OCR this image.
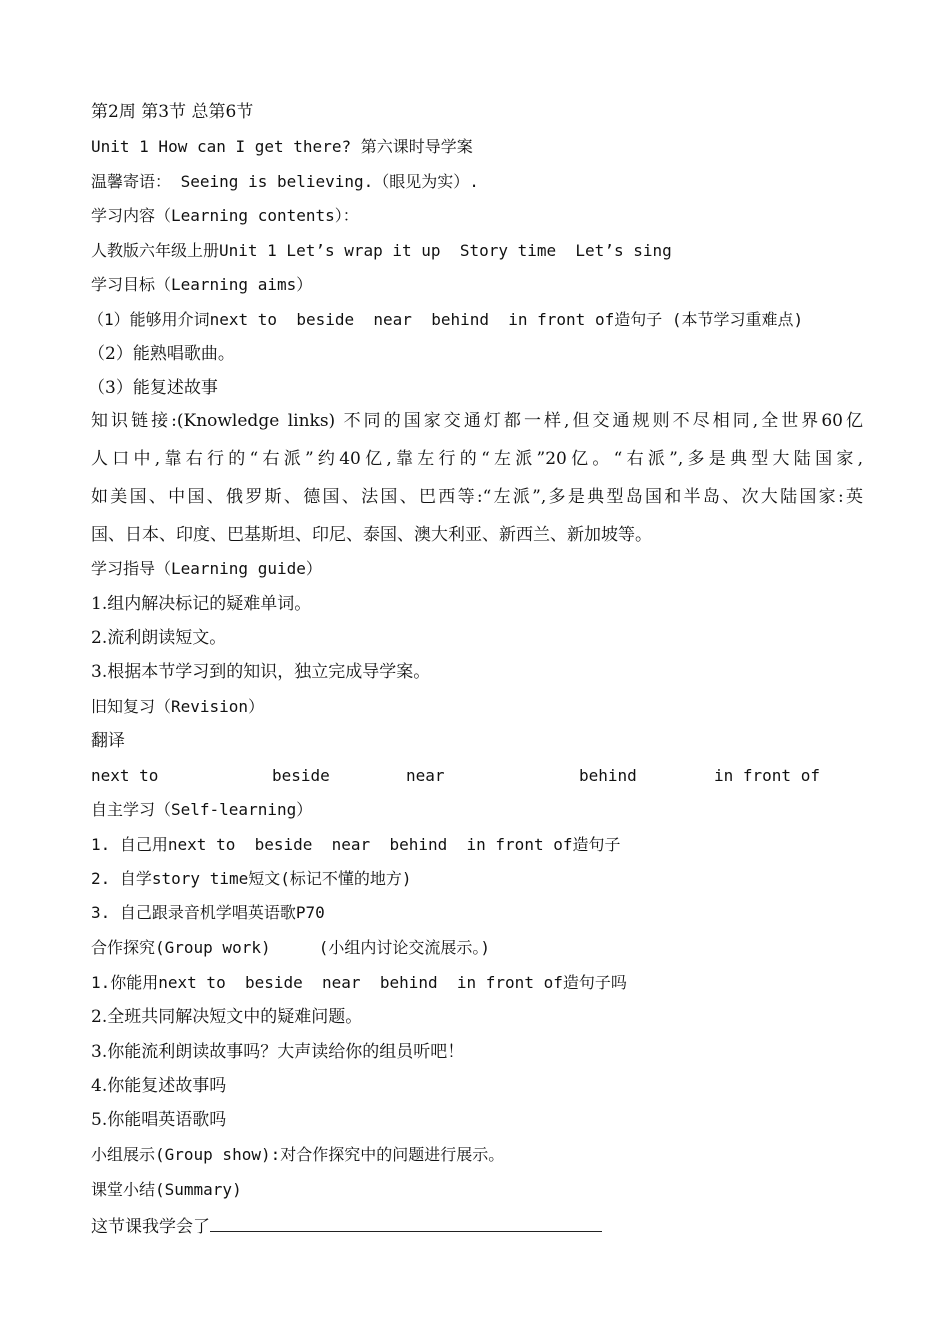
第2周 第3节 总第6节
Unit 1 How can I get there? 第六课时导学案
温馨寄语： Seeing is believing.（眼见为实）.
学习内容（Learning contents）：
人教版六年级上册Unit 1 Let’s wrap it up  Story time  Let’s sing
学习目标（Learning aims）
（1）能够用介词next to  beside  near  behind  in front of造句子 (本节学习重难点)
（2）能熟唱歌曲。
（3）能复述故事
知识链接:(Knowledge links) 不同的国家交通灯都一样,但交通规则不尽相同,全世界60亿
人口中,靠右行的“右派”约40亿,靠左行的“左派”20亿。“右派”,多是典型大陆国家,
如美国、中国、俄罗斯、德国、法国、巴西等:“左派”,多是典型岛国和半岛、次大陆国家:英
国、日本、印度、巴基斯坦、印尼、泰国、澳大利亚、新西兰、新加坡等。
学习指导（Learning guide）
1.组内解决标记的疑难单词。
2.流利朗读短文。
3.根据本节学习到的知识，独立完成导学案。
旧知复习（Revision）
翻译
next to	beside	near	behind	in front of
自主学习（Self-learning）
1. 自己用next to  beside  near  behind  in front of造句子
2. 自学story time短文(标记不懂的地方)
3. 自己跟录音机学唱英语歌P70
合作探究(Group work)     (小组内讨论交流展示。)
1.你能用next to  beside  near  behind  in front of造句子吗
2.全班共同解决短文中的疑难问题。
3.你能流利朗读故事吗？大声读给你的组员听吧！
4.你能复述故事吗
5.你能唱英语歌吗
小组展示(Group show):对合作探究中的问题进行展示。
课堂小结(Summary)
这节课我学会了
